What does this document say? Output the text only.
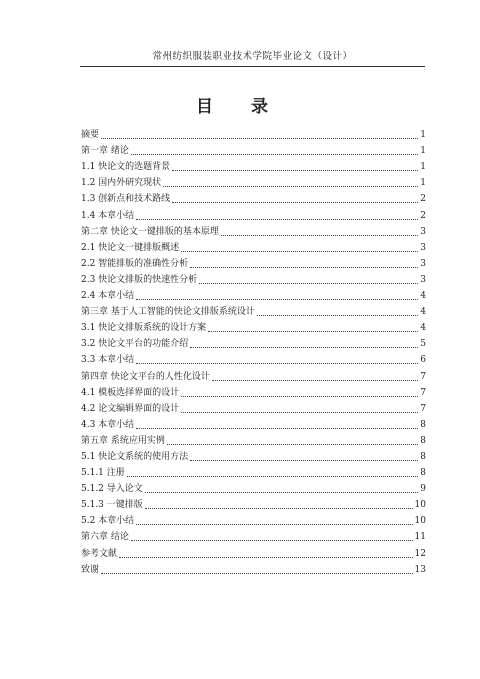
常州纺织服装职业技术学院毕业论文（设计）
目 录
摘要	1
第一章 绪论	1
1.1 快论文的选题背景	1
1.2 国内外研究现状	1
1.3 创新点和技术路线	2
1.4 本章小结	2
第二章 快论文一键排版的基本原理	3
2.1 快论文一键排版概述	3
2.2 智能排版的准确性分析	3
2.3 快论文排版的快速性分析	3
2.4 本章小结	4
第三章 基于人工智能的快论文排版系统设计	4
3.1 快论文排版系统的设计方案	4
3.2 快论文平台的功能介绍	5
3.3 本章小结	6
第四章 快论文平台的人性化设计	7
4.1 模板选择界面的设计	7
4.2 论文编辑界面的设计	7
4.3 本章小结	8
第五章 系统应用实例	8
5.1 快论文系统的使用方法	8
5.1.1 注册	8
5.1.2 导入论文	9
5.1.3 一键排版	10
5.2 本章小结	10
第六章 结论	11
参考文献	12
致谢	13
